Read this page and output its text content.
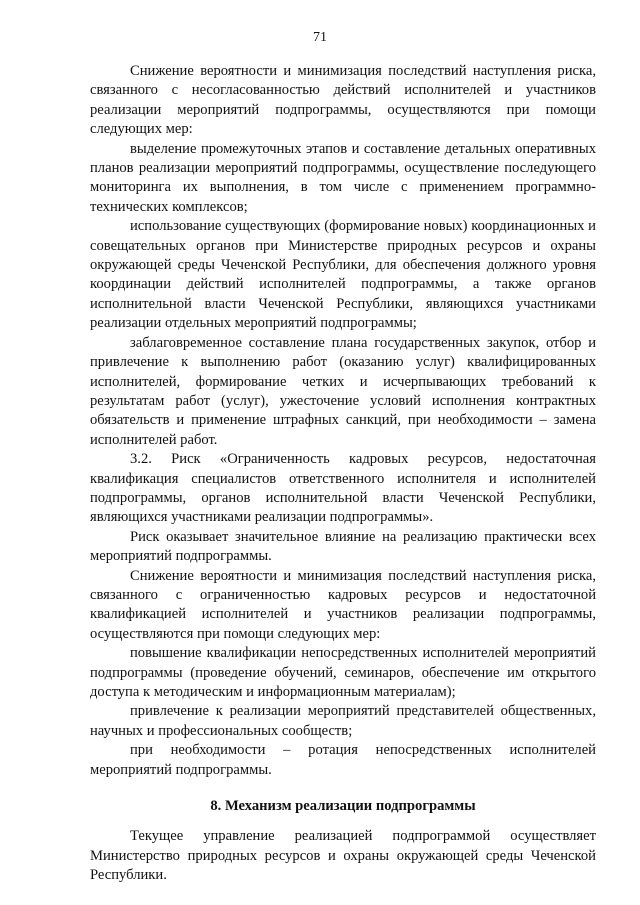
71

Снижение вероятности и минимизация последствий наступления риска, связанного с несогласованностью действий исполнителей и участников реализации мероприятий подпрограммы, осуществляются при помощи следующих мер:

выделение промежуточных этапов и составление детальных оперативных планов реализации мероприятий подпрограммы, осуществление последующего мониторинга их выполнения, в том числе с применением программно-технических комплексов;

использование существующих (формирование новых) координационных и совещательных органов при Министерстве природных ресурсов и охраны окружающей среды Чеченской Республики, для обеспечения должного уровня координации действий исполнителей подпрограммы, а также органов исполнительной власти Чеченской Республики, являющихся участниками реализации отдельных мероприятий подпрограммы;

заблаговременное составление плана государственных закупок, отбор и привлечение к выполнению работ (оказанию услуг) квалифицированных исполнителей, формирование четких и исчерпывающих требований к результатам работ (услуг), ужесточение условий исполнения контрактных обязательств и применение штрафных санкций, при необходимости – замена исполнителей работ.

3.2. Риск «Ограниченность кадровых ресурсов, недостаточная квалификация специалистов ответственного исполнителя и исполнителей подпрограммы, органов исполнительной власти Чеченской Республики, являющихся участниками реализации подпрограммы».

Риск оказывает значительное влияние на реализацию практически всех мероприятий подпрограммы.

Снижение вероятности и минимизация последствий наступления риска, связанного с ограниченностью кадровых ресурсов и недостаточной квалификацией исполнителей и участников реализации подпрограммы, осуществляются при помощи следующих мер:

повышение квалификации непосредственных исполнителей мероприятий подпрограммы (проведение обучений, семинаров, обеспечение им открытого доступа к методическим и информационным материалам);

привлечение к реализации мероприятий представителей общественных, научных и профессиональных сообществ;

при необходимости – ротация непосредственных исполнителей мероприятий подпрограммы.

8. Механизм реализации подпрограммы

Текущее управление реализацией подпрограммой осуществляет Министерство природных ресурсов и охраны окружающей среды Чеченской Республики.
